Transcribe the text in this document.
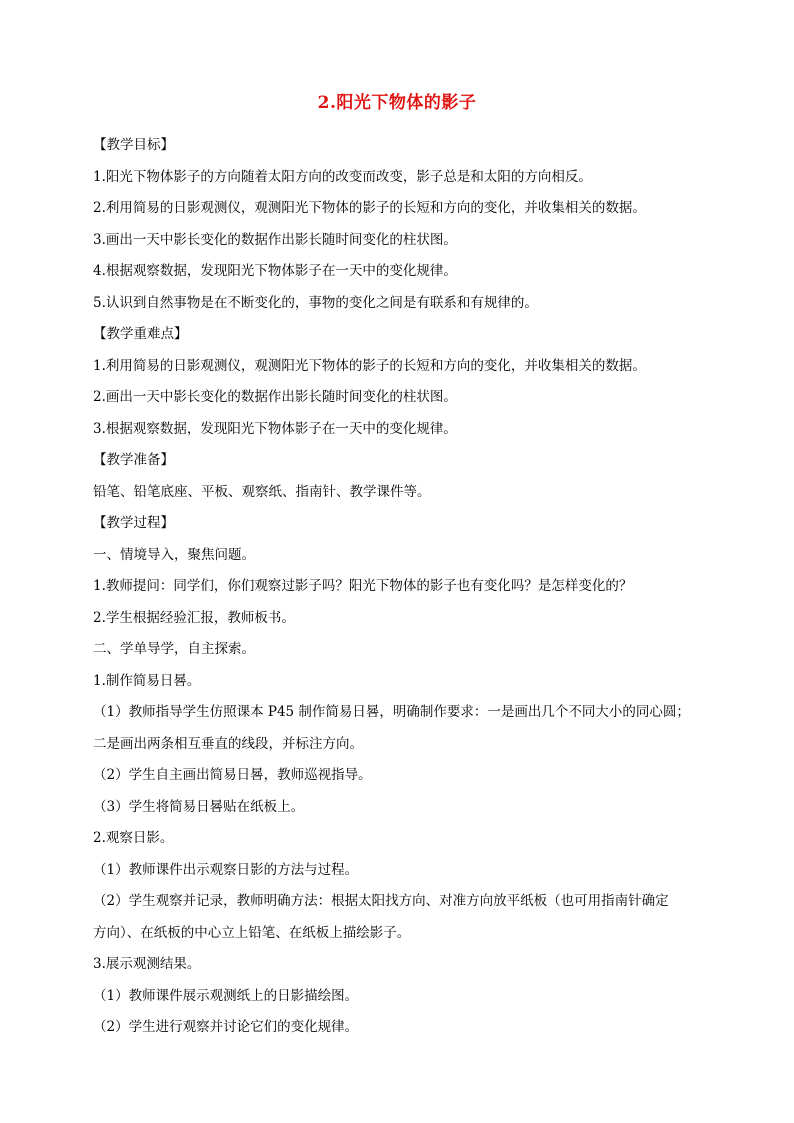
2.阳光下物体的影子
【教学目标】
1.阳光下物体影子的方向随着太阳方向的改变而改变，影子总是和太阳的方向相反。
2.利用简易的日影观测仪，观测阳光下物体的影子的长短和方向的变化，并收集相关的数据。
3.画出一天中影长变化的数据作出影长随时间变化的柱状图。
4.根据观察数据，发现阳光下物体影子在一天中的变化规律。
5.认识到自然事物是在不断变化的，事物的变化之间是有联系和有规律的。
【教学重难点】
1.利用简易的日影观测仪，观测阳光下物体的影子的长短和方向的变化，并收集相关的数据。
2.画出一天中影长变化的数据作出影长随时间变化的柱状图。
3.根据观察数据，发现阳光下物体影子在一天中的变化规律。
【教学准备】
铅笔、铅笔底座、平板、观察纸、指南针、教学课件等。
【教学过程】
一、情境导入，聚焦问题。
1.教师提问：同学们，你们观察过影子吗？阳光下物体的影子也有变化吗？是怎样变化的？
2.学生根据经验汇报，教师板书。
二、学单导学，自主探索。
1.制作简易日晷。
（1）教师指导学生仿照课本 P45 制作简易日晷，明确制作要求：一是画出几个不同大小的同心圆；
二是画出两条相互垂直的线段，并标注方向。
（2）学生自主画出简易日晷，教师巡视指导。
（3）学生将简易日晷贴在纸板上。
2.观察日影。
（1）教师课件出示观察日影的方法与过程。
（2）学生观察并记录，教师明确方法：根据太阳找方向、对准方向放平纸板（也可用指南针确定
方向）、在纸板的中心立上铅笔、在纸板上描绘影子。
3.展示观测结果。
（1）教师课件展示观测纸上的日影描绘图。
（2）学生进行观察并讨论它们的变化规律。
